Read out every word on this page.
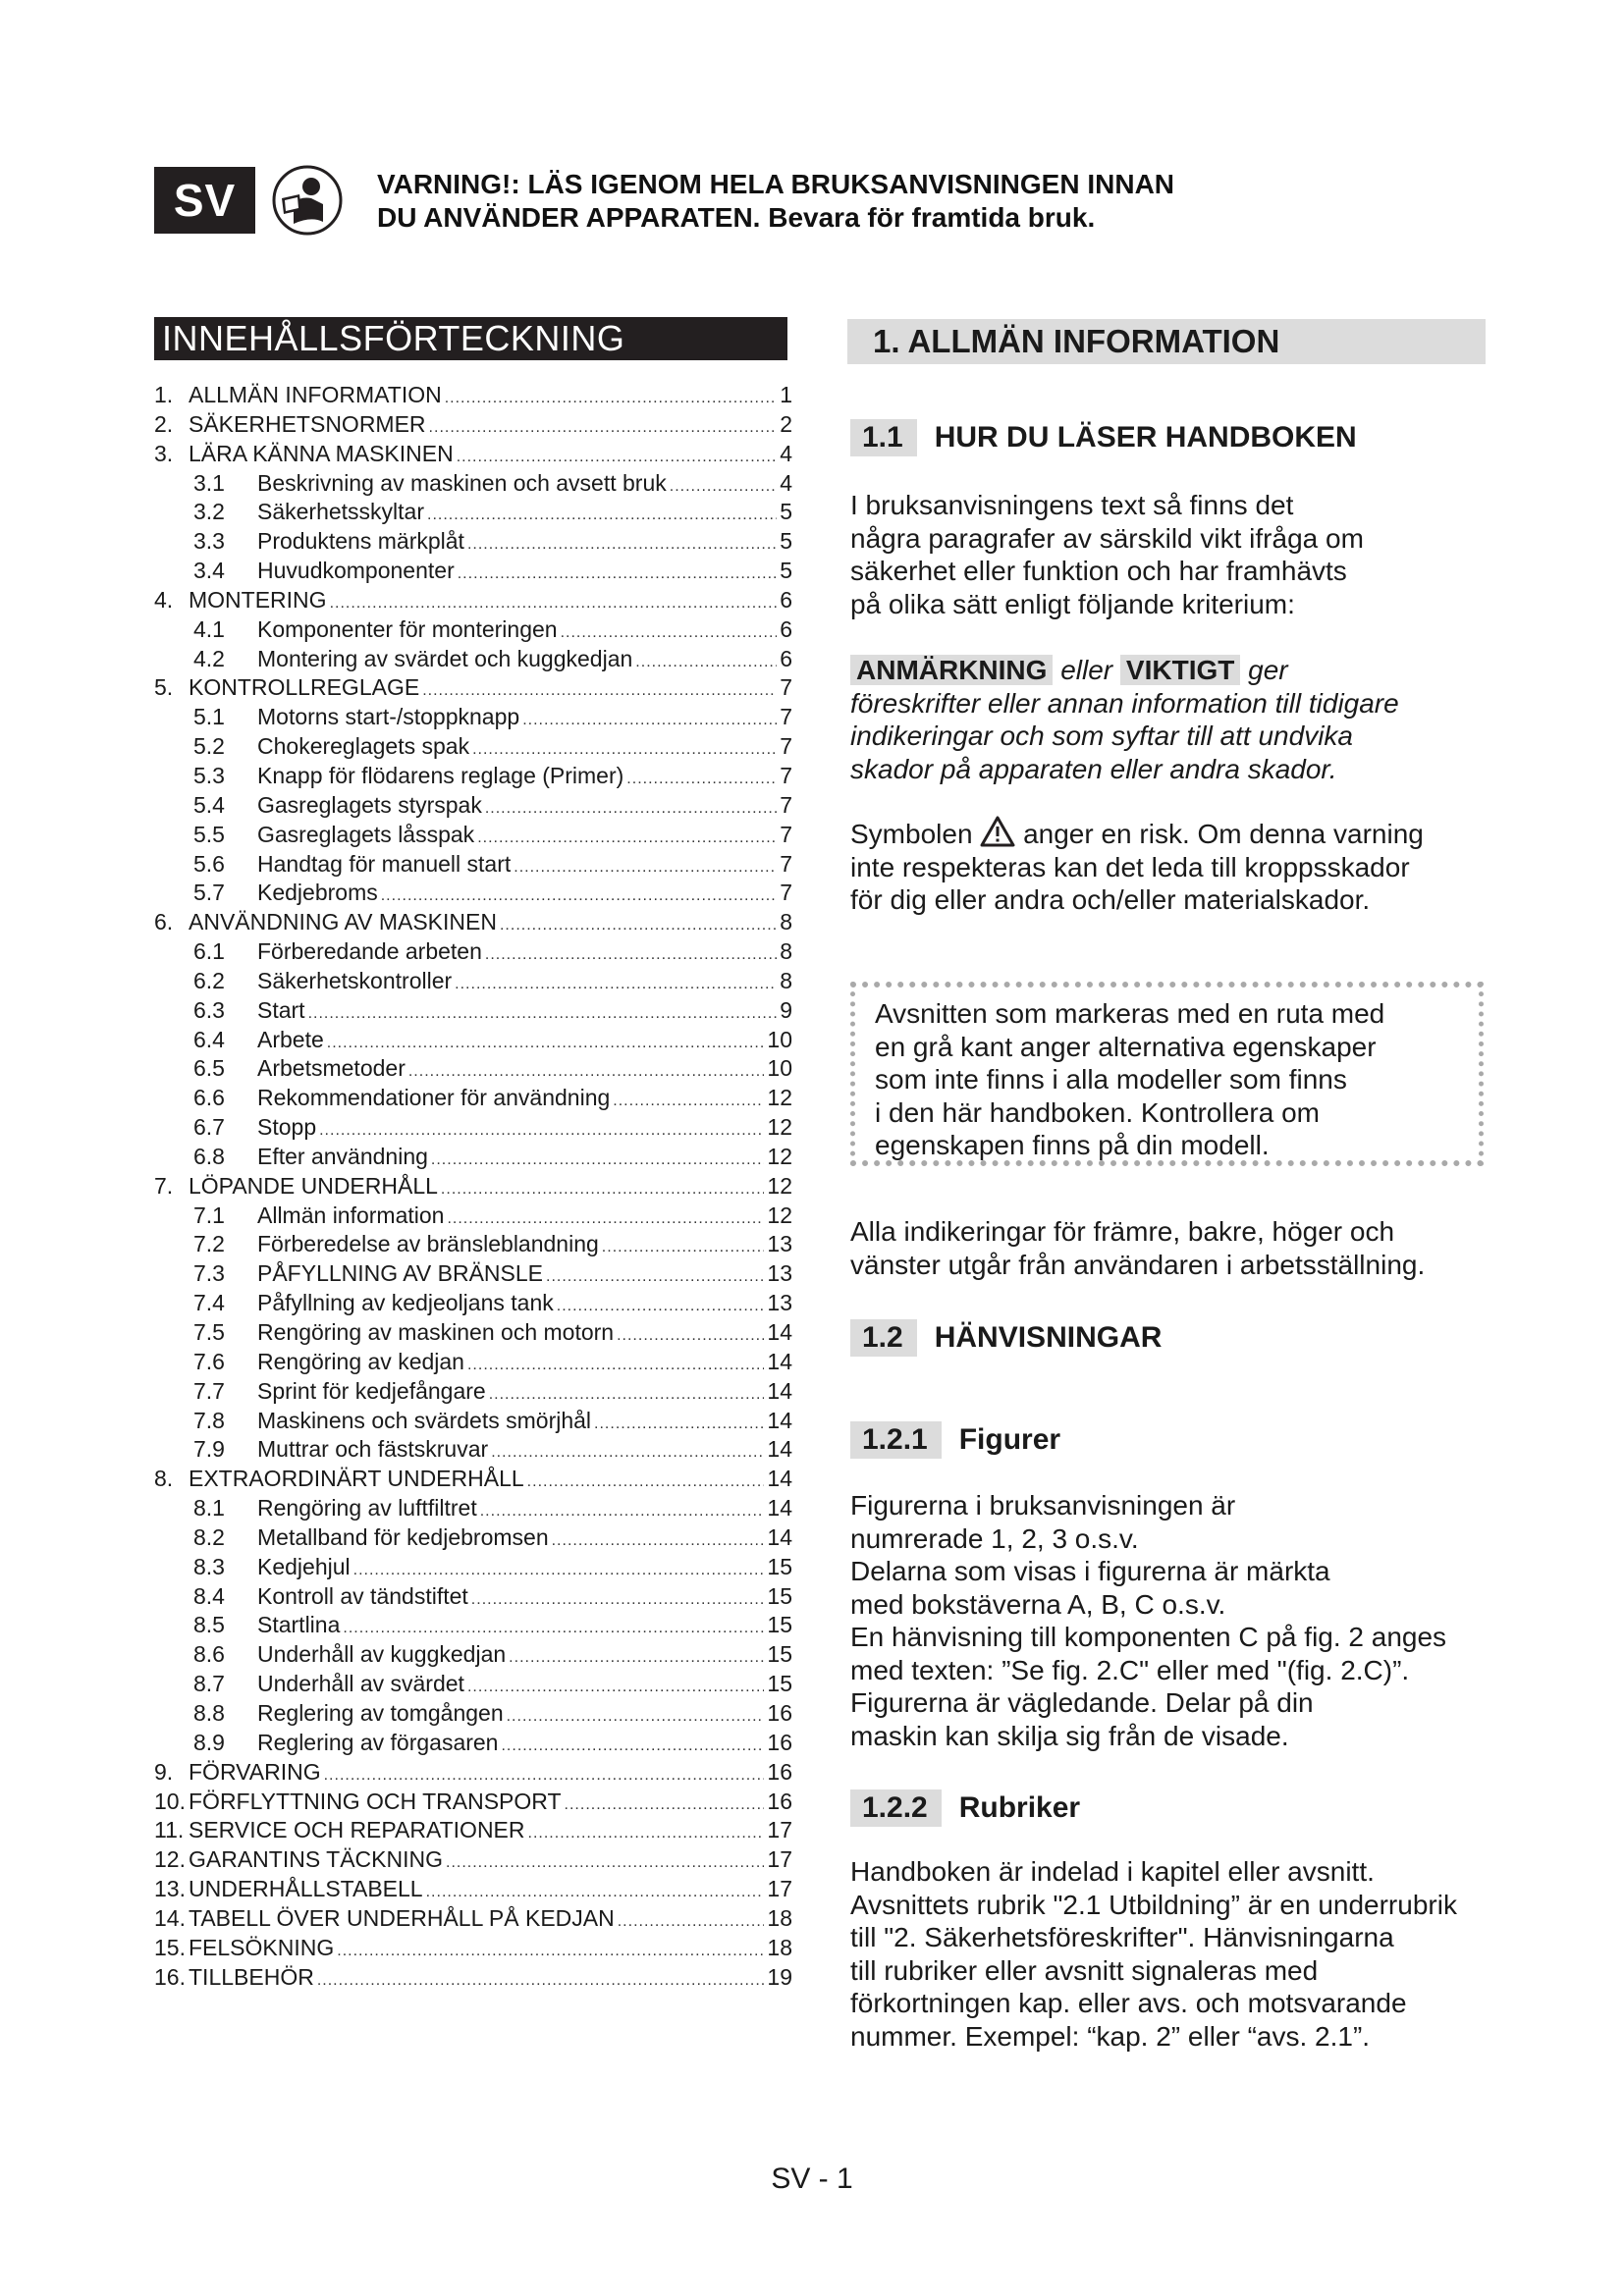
SV	VARNING!: LÄS IGENOM HELA BRUKSANVISNINGEN INNAN
DU ANVÄNDER APPARATEN. Bevara för framtida bruk.
INNEHÅLLSFÖRTECKNING
1. ALLMÄN INFORMATION .....	1
2. SÄKERHETSNORMER .....	2
3. LÄRA KÄNNA MASKINEN .....	4
3.1	Beskrivning av maskinen och avsett bruk .....	4
3.2	Säkerhetsskyltar .....	5
3.3	Produktens märkplåt .....	5
3.4	Huvudkomponenter .....	5
4. MONTERING .....	6
4.1	Komponenter för monteringen .....	6
4.2	Montering av svärdet och kuggkedjan .....	6
5. KONTROLLREGLAGE .....	7
5.1	Motorns start-/stoppknapp .....	7
5.2	Chokereglagets spak .....	7
5.3	Knapp för flödarens reglage (Primer) .....	7
5.4	Gasreglagets styrspak .....	7
5.5	Gasreglagets låsspak .....	7
5.6	Handtag för manuell start .....	7
5.7	Kedjebroms .....	7
6. ANVÄNDNING AV MASKINEN .....	8
6.1	Förberedande arbeten .....	8
6.2	Säkerhetskontroller .....	8
6.3	Start .....	9
6.4	Arbete .....	10
6.5	Arbetsmetoder .....	10
6.6	Rekommendationer för användning .....	12
6.7	Stopp .....	12
6.8	Efter användning .....	12
7. LÖPANDE UNDERHÅLL .....	12
7.1	Allmän information .....	12
7.2	Förberedelse av bränsleblandning .....	13
7.3	PÅFYLLNING AV BRÄNSLE .....	13
7.4	Påfyllning av kedjeoljans tank .....	13
7.5	Rengöring av maskinen och motorn .....	14
7.6	Rengöring av kedjan .....	14
7.7	Sprint för kedjefångare .....	14
7.8	Maskinens och svärdets smörjhål .....	14
7.9	Muttrar och fästskruvar .....	14
8. EXTRAORDINÄRT UNDERHÅLL .....	14
8.1	Rengöring av luftfiltret .....	14
8.2	Metallband för kedjebromsen .....	14
8.3	Kedjehjul .....	15
8.4	Kontroll av tändstiftet .....	15
8.5	Startlina .....	15
8.6	Underhåll av kuggkedjan .....	15
8.7	Underhåll av svärdet .....	15
8.8	Reglering av tomgången .....	16
8.9	Reglering av förgasaren .....	16
9. FÖRVARING .....	16
10. FÖRFLYTTNING OCH TRANSPORT .....	16
11. SERVICE OCH REPARATIONER .....	17
12. GARANTINS TÄCKNING .....	17
13. UNDERHÅLLSTABELL .....	17
14. TABELL ÖVER UNDERHÅLL PÅ KEDJAN .....	18
15. FELSÖKNING .....	18
16. TILLBEHÖR .....	19
1. ALLMÄN INFORMATION
1.1	HUR DU LÄSER HANDBOKEN
I bruksanvisningens text så finns det
några paragrafer av särskild vikt ifråga om
säkerhet eller funktion och har framhävts
på olika sätt enligt följande kriterium:
ANMÄRKNING eller VIKTIGT ger
föreskrifter eller annan information till tidigare
indikeringar och som syftar till att undvika
skador på apparaten eller andra skador.
Symbolen anger en risk. Om denna varning
inte respekteras kan det leda till kroppsskador
för dig eller andra och/eller materialskador.
Avsnitten som markeras med en ruta med
en grå kant anger alternativa egenskaper
som inte finns i alla modeller som finns
i den här handboken. Kontrollera om
egenskapen finns på din modell.
Alla indikeringar för främre, bakre, höger och
vänster utgår från användaren i arbetsställning.
1.2	HÄNVISNINGAR
1.2.1	Figurer
Figurerna i bruksanvisningen är
numrerade 1, 2, 3 o.s.v.
Delarna som visas i figurerna är märkta
med bokstäverna A, B, C o.s.v.
En hänvisning till komponenten C på fig. 2 anges
med texten: ”Se fig. 2.C" eller med "(fig. 2.C)”.
Figurerna är vägledande. Delar på din
maskin kan skilja sig från de visade.
1.2.2	Rubriker
Handboken är indelad i kapitel eller avsnitt.
Avsnittets rubrik "2.1 Utbildning” är en underrubrik
till "2. Säkerhetsföreskrifter". Hänvisningarna
till rubriker eller avsnitt signaleras med
förkortningen kap. eller avs. och motsvarande
nummer. Exempel: “kap. 2” eller “avs. 2.1”.
SV - 1
